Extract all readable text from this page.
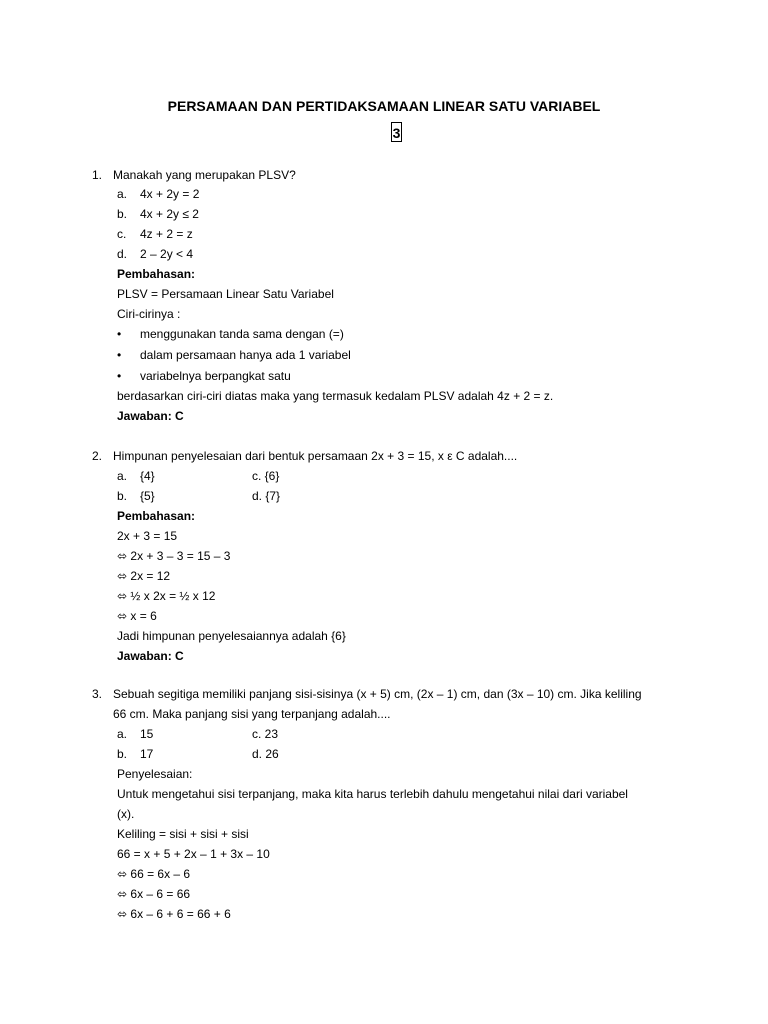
PERSAMAAN DAN PERTIDAKSAMAAN LINEAR SATU VARIABEL
3
1. Manakah yang merupakan PLSV?
a. 4x + 2y = 2
b. 4x + 2y ≤ 2
c. 4z + 2 = z
d. 2 – 2y < 4
Pembahasan:
PLSV = Persamaan Linear Satu Variabel
Ciri-cirinya :
• menggunakan tanda sama dengan (=)
• dalam persamaan hanya ada 1 variabel
• variabelnya berpangkat satu
berdasarkan ciri-ciri diatas maka yang termasuk kedalam PLSV adalah 4z + 2 = z.
Jawaban: C
2. Himpunan penyelesaian dari bentuk persamaan 2x + 3 = 15, x ε C adalah....
a. {4}	c. {6}
b. {5}	d. {7}
Pembahasan:
2x + 3 = 15
⬄ 2x + 3 – 3 = 15 – 3
⬄ 2x = 12
⬄ ½ x 2x = ½ x 12
⬄ x = 6
Jadi himpunan penyelesaiannya adalah {6}
Jawaban: C
3. Sebuah segitiga memiliki panjang sisi-sisinya (x + 5) cm, (2x – 1) cm, dan (3x – 10) cm. Jika keliling
66 cm. Maka panjang sisi yang terpanjang adalah....
a. 15	c. 23
b. 17	d. 26
Penyelesaian:
Untuk mengetahui sisi terpanjang, maka kita harus terlebih dahulu mengetahui nilai dari variabel
(x).
Keliling = sisi + sisi + sisi
66 = x + 5 + 2x – 1 + 3x – 10
⬄ 66 = 6x – 6
⬄ 6x – 6 = 66
⬄ 6x – 6 + 6 = 66 + 6
